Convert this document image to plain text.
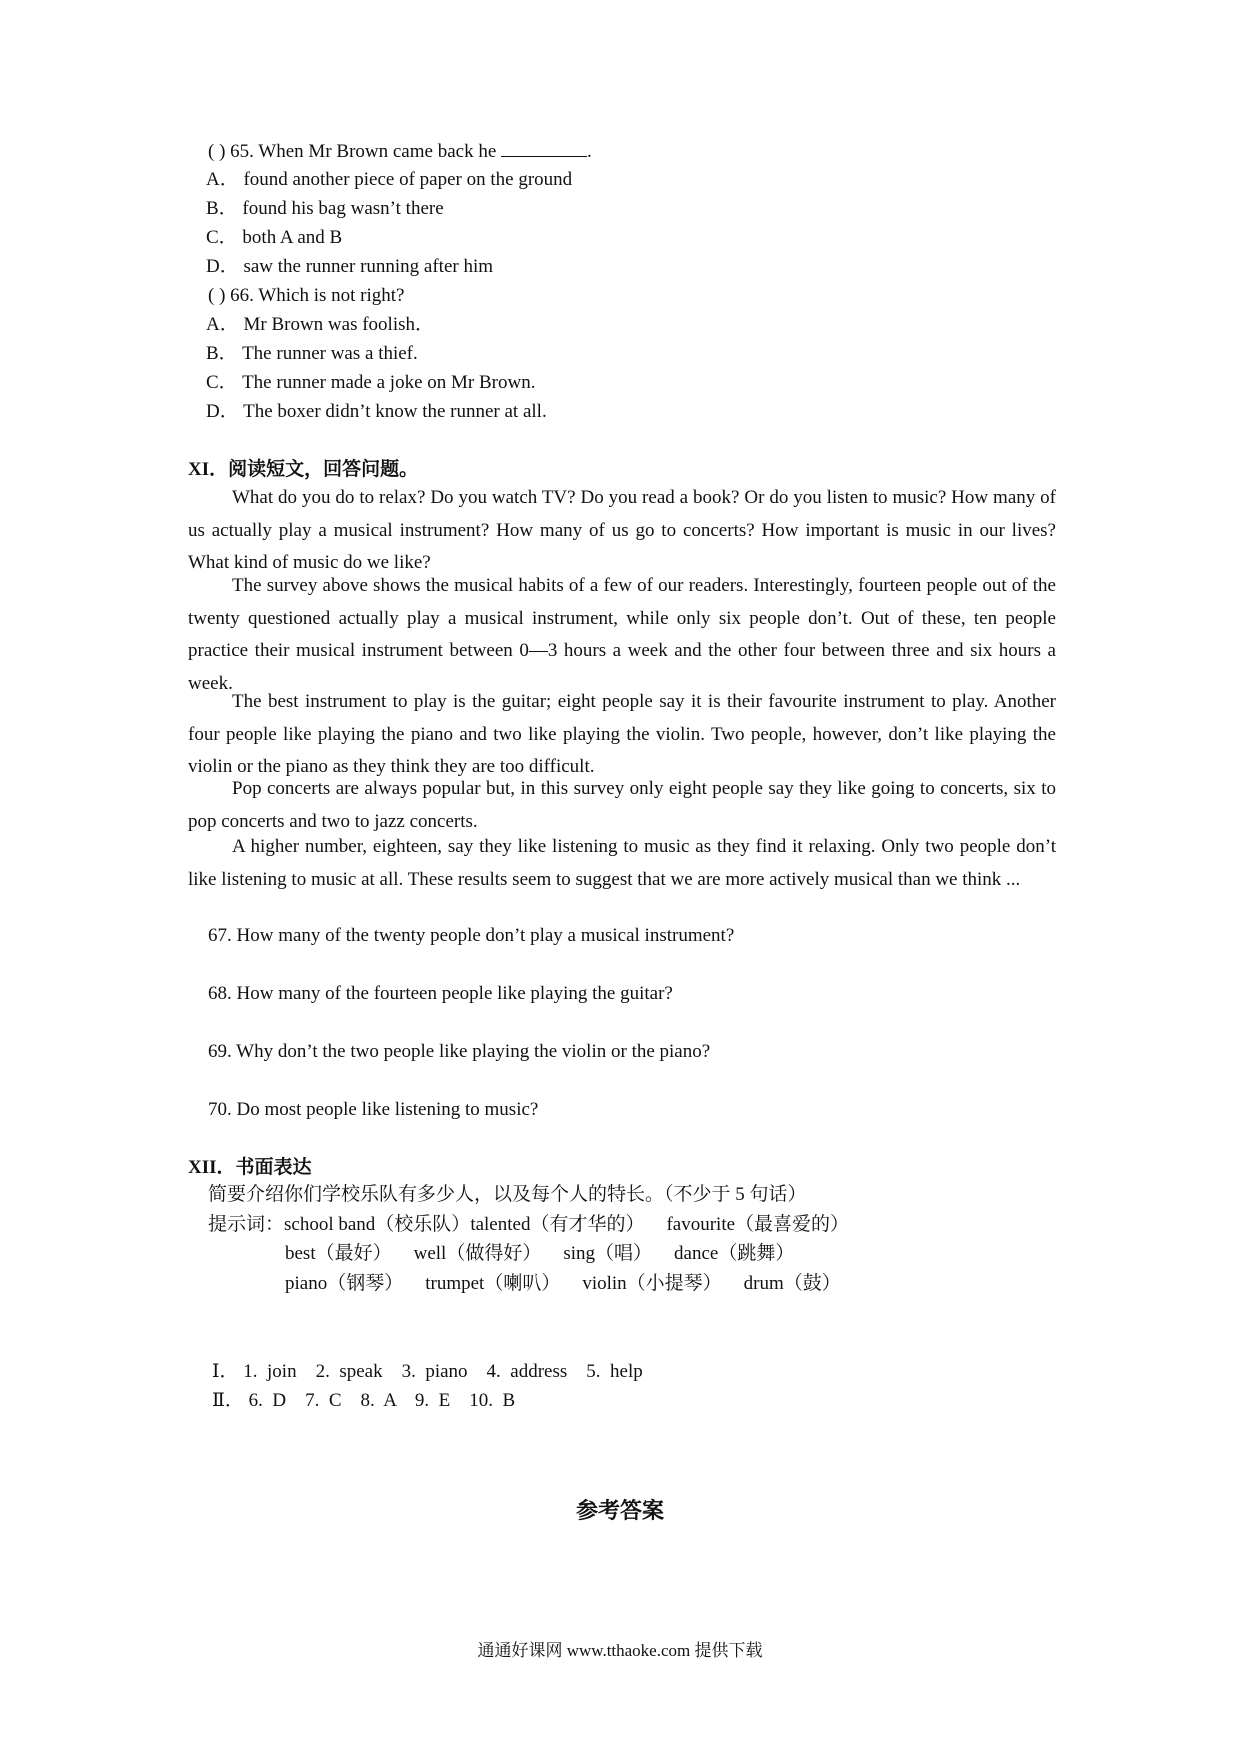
( ) 65. When Mr Brown came back he	.
A． found another piece of paper on the ground
B． found his bag wasn’t there
C． both A and B
D． saw the runner running after him
( ) 66. Which is not right?
A． Mr Brown was foolish．
B． The runner was a thief.
C． The runner made a joke on Mr Brown.
D． The boxer didn’t know the runner at all.
XI．阅读短文，回答问题。
What do you do to relax? Do you watch TV? Do you read a book? Or do you listen to music? How many of us actually play a musical instrument? How many of us go to concerts? How important is music in our lives? What kind of music do we like?
The survey above shows the musical habits of a few of our readers. Interestingly, fourteen people out of the twenty questioned actually play a musical instrument, while only six people don’t. Out of these, ten people practice their musical instrument between 0—3 hours a week and the other four between three and six hours a week.
The best instrument to play is the guitar; eight people say it is their favourite instrument to play. Another four people like playing the piano and two like playing the violin. Two people, however, don’t like playing the violin or the piano as they think they are too difficult.
Pop concerts are always popular but, in this survey only eight people say they like going to concerts, six to pop concerts and two to jazz concerts.
A higher number, eighteen, say they like listening to music as they find it relaxing. Only two people don’t like listening to music at all. These results seem to suggest that we are more actively musical than we think ...
67. How many of the twenty people don’t play a musical instrument?
68. How many of the fourteen people like playing the guitar?
69. Why don’t the two people like playing the violin or the piano?
70. Do most people like listening to music?
XII．书面表达
简要介绍你们学校乐队有多少人，以及每个人的特长。（不少于 5 句话）
提示词：school band（校乐队）talented（有才华的） favourite（最喜爱的）
best（最好） well（做得好） sing（唱） dance（跳舞）
piano（钢琴） trumpet（喇叭） violin（小提琴） drum（鼓）
参考答案
Ⅰ． 1.  join    2.  speak    3.  piano    4.  address    5.  help
Ⅱ． 6.  D    7.  C    8.  A    9.  E    10.  B
通通好课网 www.tthaoke.com 提供下载
